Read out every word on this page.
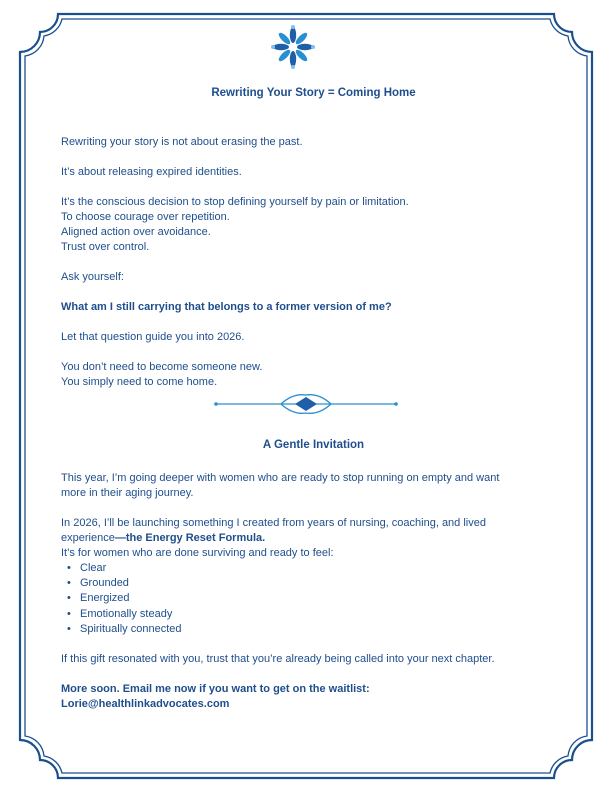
Rewriting Your Story = Coming Home

Rewriting your story is not about erasing the past.

It’s about releasing expired identities.

It’s the conscious decision to stop defining yourself by pain or limitation.

To choose courage over repetition.

Aligned action over avoidance.

Trust over control.

Ask yourself:

What am I still carrying that belongs to a former version of me?

Let that question guide you into 2026.

You don’t need to become someone new.

You simply need to come home.

A Gentle Invitation

This year, I’m going deeper with women who are ready to stop running on empty and want

more in their aging journey.

In 2026, I’ll be launching something I created from years of nursing, coaching, and lived

experience—the Energy Reset Formula.

It’s for women who are done surviving and ready to feel:

• Clear
• Grounded
• Energized
• Emotionally steady
• Spiritually connected

If this gift resonated with you, trust that you’re already being called into your next chapter.

More soon. Email me now if you want to get on the waitlist:

Lorie@healthlinkadvocates.com
